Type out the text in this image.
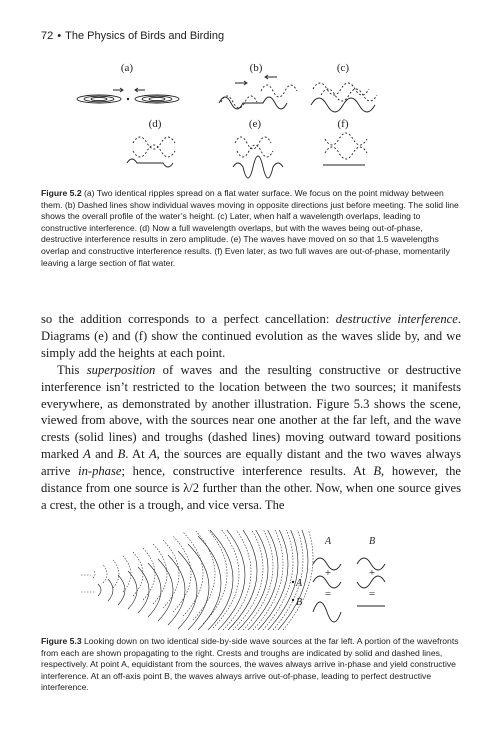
72 • The Physics of Birds and Birding
(a)	(b)	(c)
(d)	(e)	(f)
Figure 5.2 (a) Two identical ripples spread on a flat water surface. We focus on the point midway between them. (b) Dashed lines show individual waves moving in opposite directions just before meeting. The solid line shows the overall profile of the water’s height. (c) Later, when half a wavelength overlaps, leading to constructive interference. (d) Now a full wavelength overlaps, but with the waves being out-of-phase, destructive interference results in zero amplitude. (e) The waves have moved on so that 1.5 wavelengths overlap and constructive interference results. (f) Even later, as two full waves are out-of-phase, momentarily leaving a large section of flat water.

so the addition corresponds to a perfect cancellation: destructive interference. Diagrams (e) and (f) show the continued evolution as the waves slide by, and we simply add the heights at each point.

This superposition of waves and the resulting constructive or destructive interference isn’t restricted to the location between the two sources; it manifests everywhere, as demonstrated by another illustration. Figure 5.3 shows the scene, viewed from above, with the sources near one another at the far left, and the wave crests (solid lines) and troughs (dashed lines) moving outward toward positions marked A and B. At A, the sources are equally distant and the two waves always arrive in-phase; hence, constructive interference results. At B, however, the distance from one source is λ/2 further than the other. Now, when one source gives a crest, the other is a trough, and vice versa. The

A
B
A	B
+	+
=	=
Figure 5.3 Looking down on two identical side-by-side wave sources at the far left. A portion of the wavefronts from each are shown propagating to the right. Crests and troughs are indicated by solid and dashed lines, respectively. At point A, equidistant from the sources, the waves always arrive in-phase and yield constructive interference. At an off-axis point B, the waves always arrive out-of-phase, leading to perfect destructive interference.
